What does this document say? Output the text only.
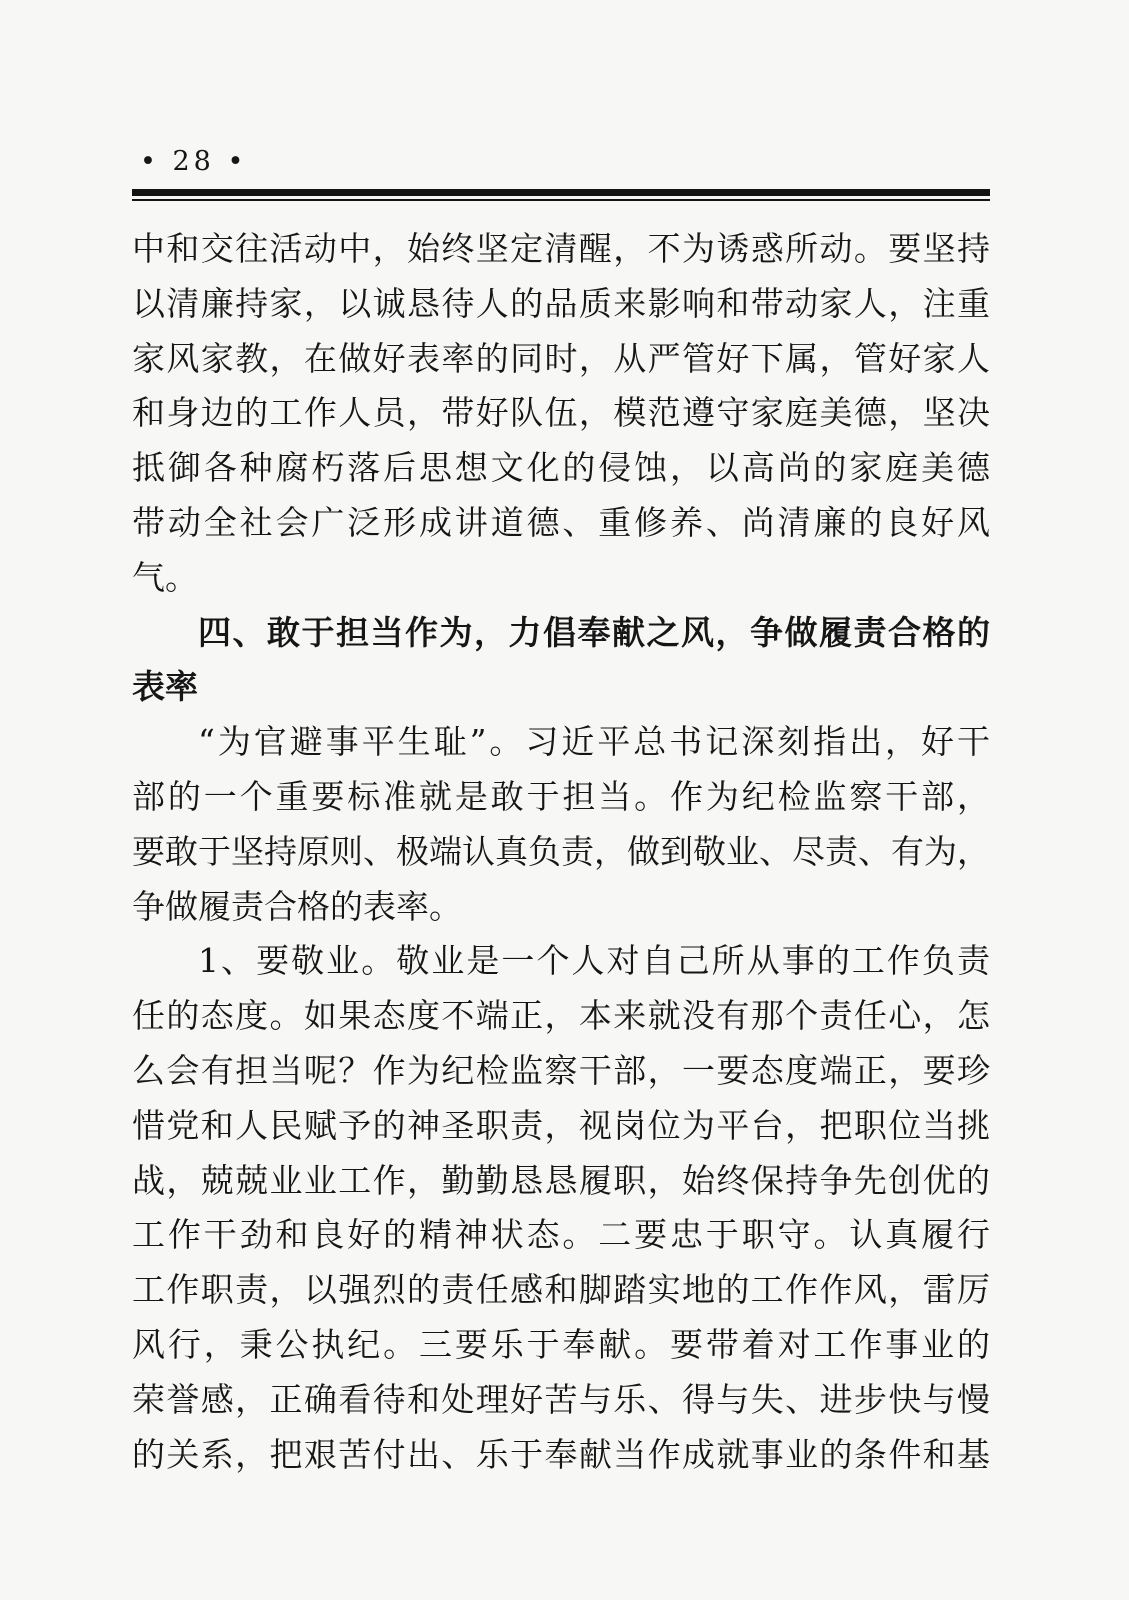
• 28 •
中和交往活动中，始终坚定清醒，不为诱惑所动。要坚持
以清廉持家，以诚恳待人的品质来影响和带动家人，注重
家风家教，在做好表率的同时，从严管好下属，管好家人
和身边的工作人员，带好队伍，模范遵守家庭美德，坚决
抵御各种腐朽落后思想文化的侵蚀，以高尚的家庭美德
带动全社会广泛形成讲道德、重修养、尚清廉的良好风
气。
四、敢于担当作为，力倡奉献之风，争做履责合格的
表率
“为官避事平生耻”。习近平总书记深刻指出，好干
部的一个重要标准就是敢于担当。作为纪检监察干部，
要敢于坚持原则、极端认真负责，做到敬业、尽责、有为，
争做履责合格的表率。
1、要敬业。敬业是一个人对自己所从事的工作负责
任的态度。如果态度不端正，本来就没有那个责任心，怎
么会有担当呢？作为纪检监察干部，一要态度端正，要珍
惜党和人民赋予的神圣职责，视岗位为平台，把职位当挑
战，兢兢业业工作，勤勤恳恳履职，始终保持争先创优的
工作干劲和良好的精神状态。二要忠于职守。认真履行
工作职责，以强烈的责任感和脚踏实地的工作作风，雷厉
风行，秉公执纪。三要乐于奉献。要带着对工作事业的
荣誉感，正确看待和处理好苦与乐、得与失、进步快与慢
的关系，把艰苦付出、乐于奉献当作成就事业的条件和基
